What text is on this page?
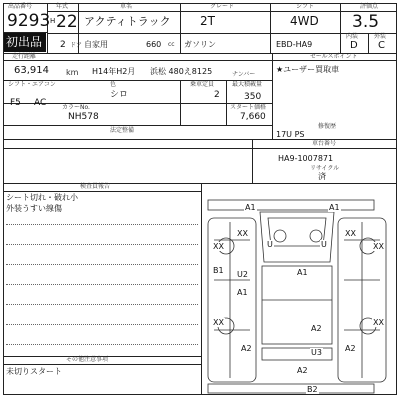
出品番号
9293
初出品
年式
H 22
2 ドア
車名
アクティトラック
自家用	660 cc
グレード
2T
ガソリン
シフト
4WD
EBD-HA9
評価点
3.5
内装	外装
D C
走行距離
63,914 km H14年H2月 浜松 480え8125	ナンバー
シフト・エアコン
F5 AC
色
シロ
乗車定員
2
最大積載量
350
カラーNo.
NH578
スタート価格
7,660
法定整備
セールスポイント
★ユーザー買取車
修復歴
17U PS
車台番号
HA9-1007871
リサイクル
済
検査員報告
シート切れ・破れ小
外装うすい線傷
その他注意事項
未切りスタート
A1	A1
XX	XX
XX	XX
A1
B1 U2
U	U
A1
XX	XX
A2
A2	A2
U3
A2
B2
